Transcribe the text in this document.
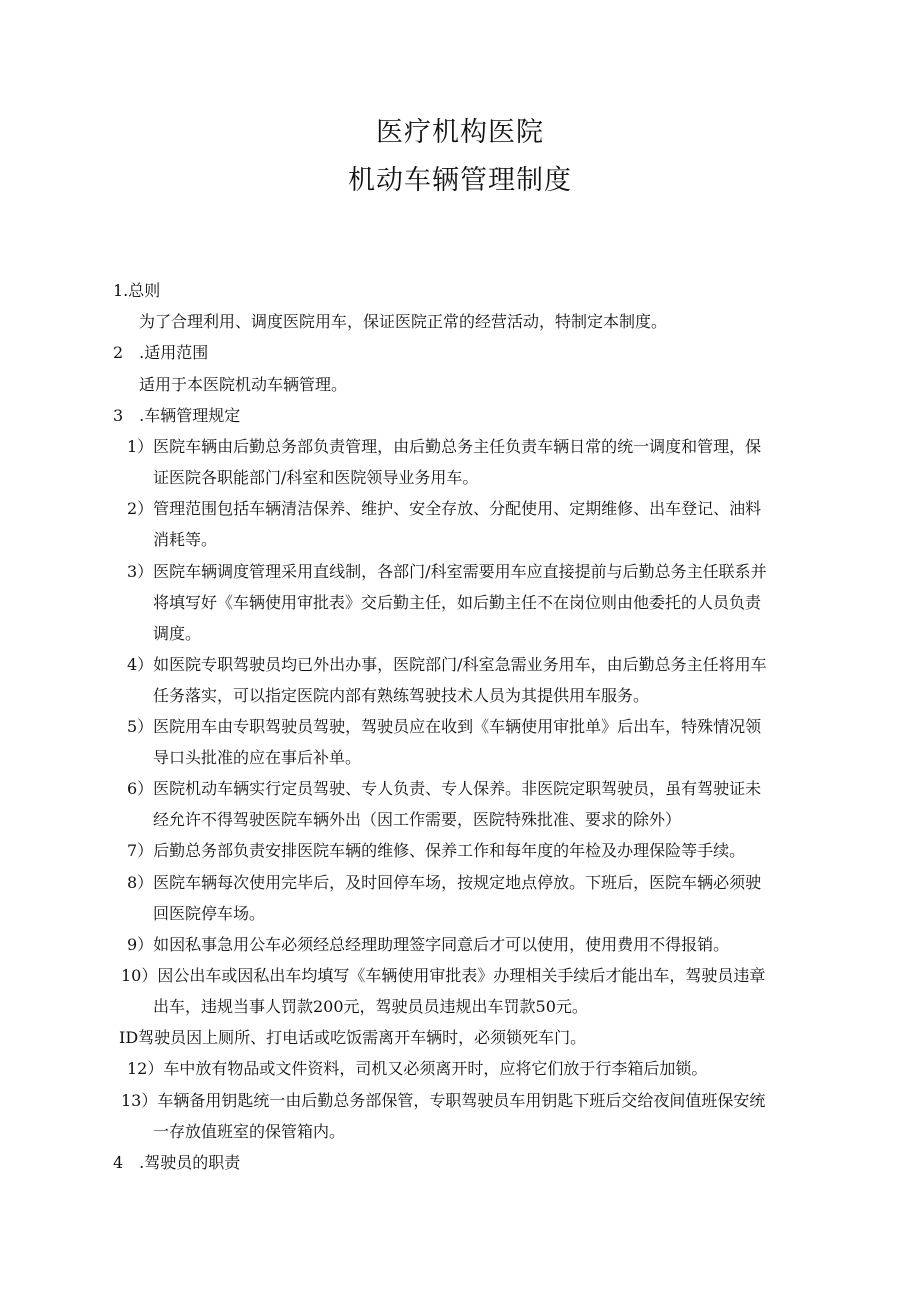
医疗机构医院
机动车辆管理制度

1.总则

为了合理利用、调度医院用车，保证医院正常的经营活动，特制定本制度。

2　.适用范围

适用于本医院机动车辆管理。

3　.车辆管理规定

1）医院车辆由后勤总务部负责管理，由后勤总务主任负责车辆日常的统一调度和管理，保

证医院各职能部门/科室和医院领导业务用车。

2）管理范围包括车辆清洁保养、维护、安全存放、分配使用、定期维修、出车登记、油料

消耗等。

3）医院车辆调度管理采用直线制，各部门/科室需要用车应直接提前与后勤总务主任联系并

将填写好《车辆使用审批表》交后勤主任，如后勤主任不在岗位则由他委托的人员负责

调度。

4）如医院专职驾驶员均已外出办事，医院部门/科室急需业务用车，由后勤总务主任将用车

任务落实，可以指定医院内部有熟练驾驶技术人员为其提供用车服务。

5）医院用车由专职驾驶员驾驶，驾驶员应在收到《车辆使用审批单》后出车，特殊情况领

导口头批准的应在事后补单。

6）医院机动车辆实行定员驾驶、专人负责、专人保养。非医院定职驾驶员，虽有驾驶证未

经允许不得驾驶医院车辆外出（因工作需要，医院特殊批准、要求的除外）

7）后勤总务部负责安排医院车辆的维修、保养工作和每年度的年检及办理保险等手续。

8）医院车辆每次使用完毕后，及时回停车场，按规定地点停放。下班后，医院车辆必须驶

回医院停车场。

9）如因私事急用公车必须经总经理助理签字同意后才可以使用，使用费用不得报销。

10）因公出车或因私出车均填写《车辆使用审批表》办理相关手续后才能出车，驾驶员违章

出车，违规当事人罚款200元，驾驶员员违规出车罚款50元。

ID驾驶员因上厕所、打电话或吃饭需离开车辆时，必须锁死车门。

12）车中放有物品或文件资料，司机又必须离开时，应将它们放于行李箱后加锁。

13）车辆备用钥匙统一由后勤总务部保管，专职驾驶员车用钥匙下班后交给夜间值班保安统

一存放值班室的保管箱内。

4　.驾驶员的职责
